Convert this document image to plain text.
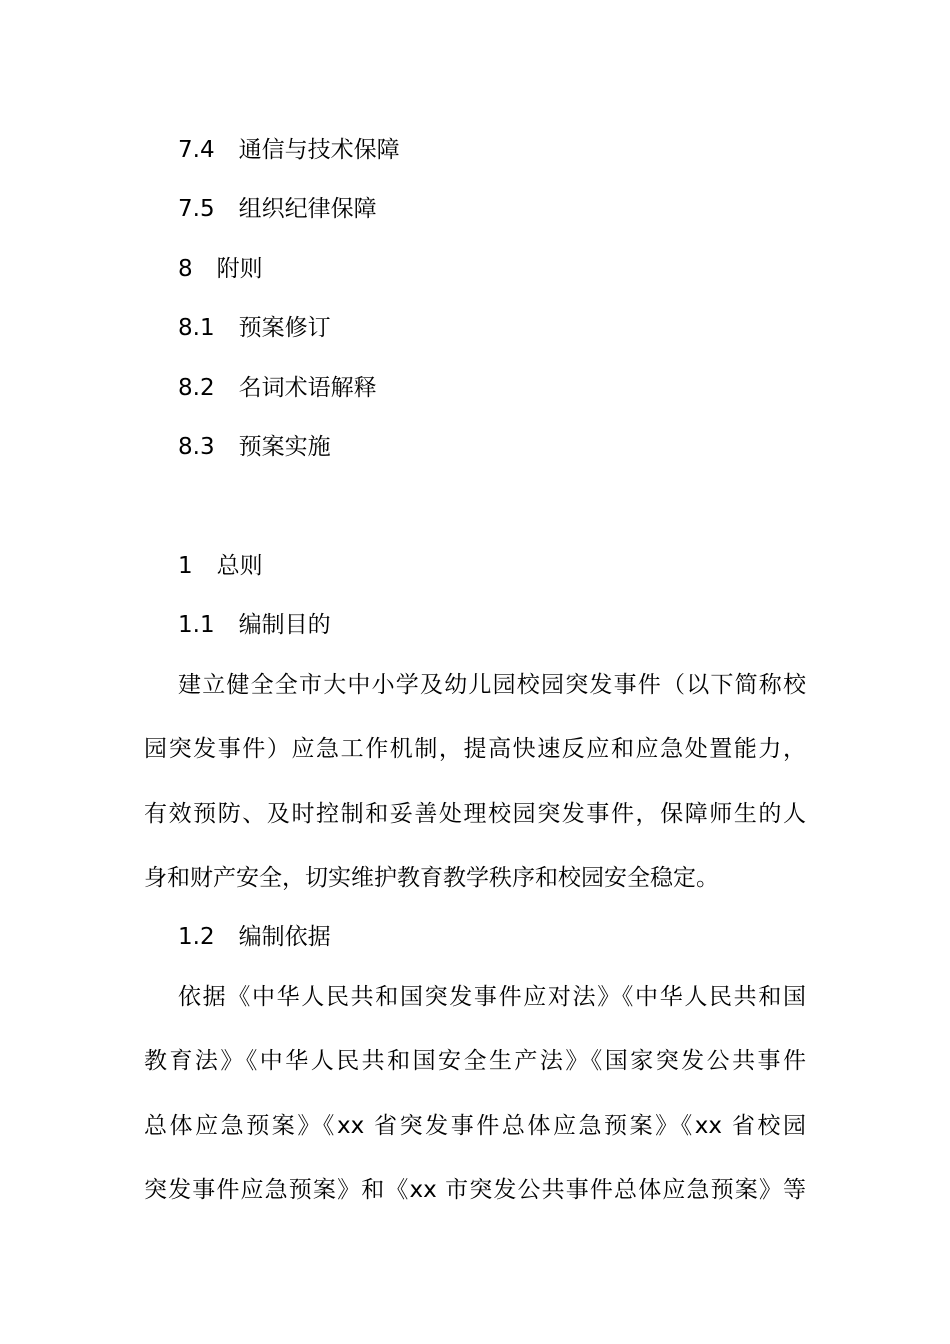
7.4 通信与技术保障
7.5 组织纪律保障
8 附则
8.1 预案修订
8.2 名词术语解释
8.3 预案实施
1 总则
1.1 编制目的
建立健全全市大中小学及幼儿园校园突发事件（以下简称校
园突发事件）应急工作机制，提高快速反应和应急处置能力，
有效预防、及时控制和妥善处理校园突发事件，保障师生的人
身和财产安全，切实维护教育教学秩序和校园安全稳定。
1.2 编制依据
依据《中华人民共和国突发事件应对法》《中华人民共和国
教育法》《中华人民共和国安全生产法》《国家突发公共事件
总体应急预案》《xx 省突发事件总体应急预案》《xx 省校园
突发事件应急预案》和《xx 市突发公共事件总体应急预案》等
